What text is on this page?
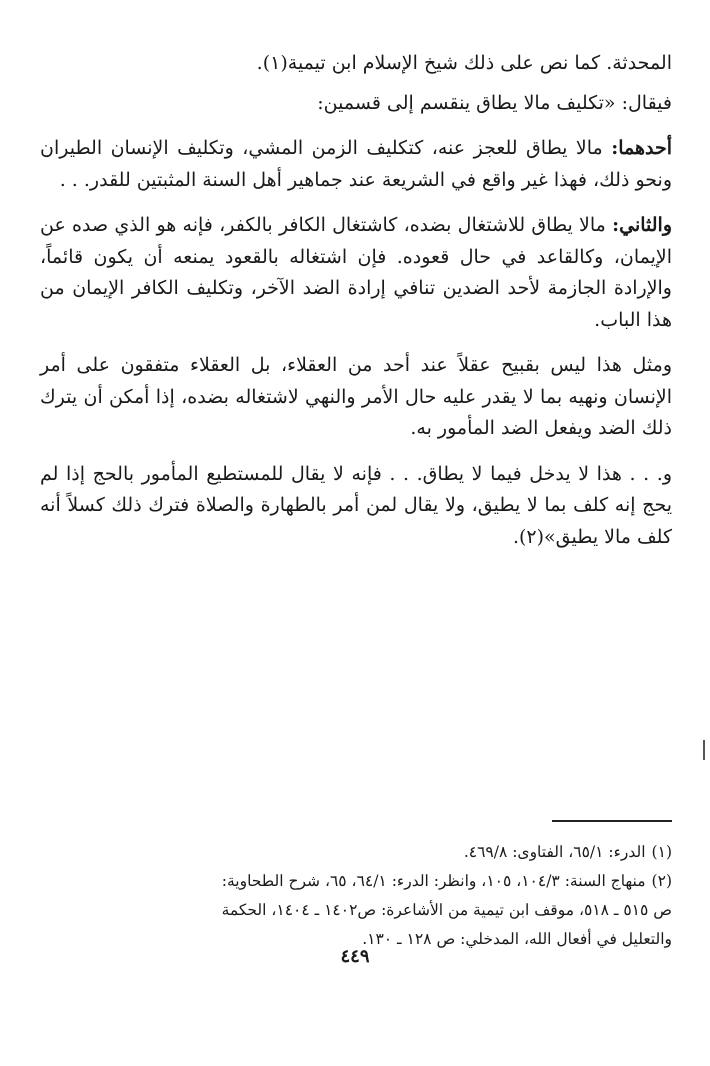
المحدثة. كما نص على ذلك شيخ الإسلام ابن تيمية(١).

فيقال: «تكليف مالا يطاق ينقسم إلى قسمين:

أحدهما: مالا يطاق للعجز عنه، كتكليف الزمن المشي، وتكليف الإنسان الطيران ونحو ذلك، فهذا غير واقع في الشريعة عند جماهير أهل السنة المثبتين للقدر. . .

والثاني: مالا يطاق للاشتغال بضده، كاشتغال الكافر بالكفر، فإنه هو الذي صده عن الإيمان، وكالقاعد في حال قعوده. فإن اشتغاله بالقعود يمنعه أن يكون قائماً، والإرادة الجازمة لأحد الضدين تنافي إرادة الضد الآخر، وتكليف الكافر الإيمان من هذا الباب.

ومثل هذا ليس بقبيح عقلاً عند أحد من العقلاء، بل العقلاء متفقون على أمر الإنسان ونهيه بما لا يقدر عليه حال الأمر والنهي لاشتغاله بضده، إذا أمكن أن يترك ذلك الضد ويفعل الضد المأمور به.

و. . . هذا لا يدخل فيما لا يطاق. . . فإنه لا يقال للمستطيع المأمور بالحج إذا لم يحج إنه كلف بما لا يطيق، ولا يقال لمن أمر بالطهارة والصلاة فترك ذلك كسلاً أنه كلف مالا يطيق»(٢).

(١)الدرء: ٦٥/١، الفتاوى: ٤٦٩/٨.

(٢)منهاج السنة: ١٠٤/٣، ١٠٥، وانظر: الدرء: ٦٤/١، ٦٥، شرح الطحاوية:

ص ٥١٥ ـ ٥١٨، موقف ابن تيمية من الأشاعرة: ص١٤٠٢ ـ ١٤٠٤، الحكمة

والتعليل في أفعال الله، المدخلي: ص ١٢٨ ـ ١٣٠.

٤٤٩
